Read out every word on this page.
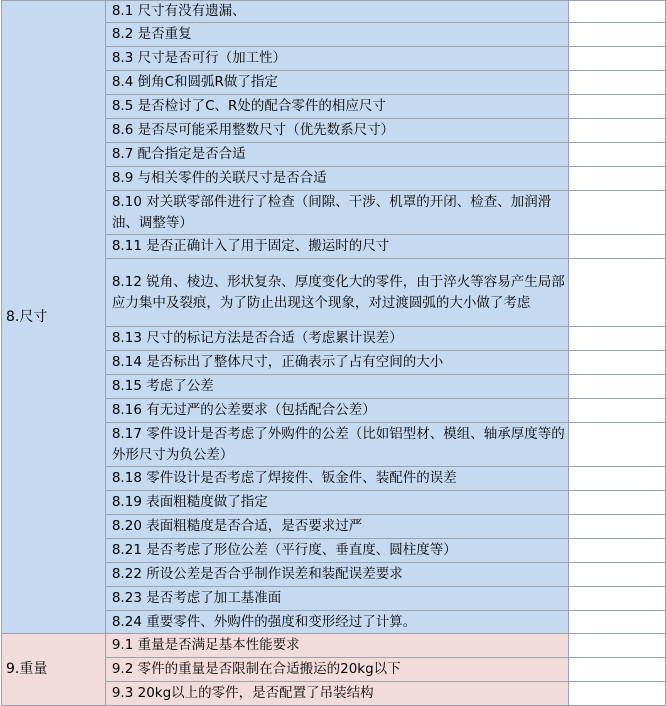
8.尺寸	8.1 尺寸有没有遗漏、	
	8.2 是否重复	
	8.3 尺寸是否可行（加工性）	
	8.4 倒角C和圆弧R做了指定	
	8.5 是否检讨了C、R处的配合零件的相应尺寸	
	8.6 是否尽可能采用整数尺寸（优先数系尺寸）	
	8.7 配合指定是否合适	
	8.9 与相关零件的关联尺寸是否合适	
	8.10 对关联零部件进行了检查（间隙、干涉、机罩的开闭、检查、加润滑油、调整等）	
	8.11 是否正确计入了用于固定、搬运时的尺寸	
	8.12 锐角、棱边、形状复杂、厚度变化大的零件，由于淬火等容易产生局部应力集中及裂痕，为了防止出现这个现象，对过渡圆弧的大小做了考虑	
	8.13 尺寸的标记方法是否合适（考虑累计误差）	
	8.14 是否标出了整体尺寸，正确表示了占有空间的大小	
	8.15 考虑了公差	
	8.16 有无过严的公差要求（包括配合公差）	
	8.17 零件设计是否考虑了外购件的公差（比如铝型材、模组、轴承厚度等的外形尺寸为负公差）	
	8.18 零件设计是否考虑了焊接件、钣金件、装配件的误差	
	8.19 表面粗糙度做了指定	
	8.20 表面粗糙度是否合适，是否要求过严	
	8.21 是否考虑了形位公差（平行度、垂直度、圆柱度等）	
	8.22 所设公差是否合乎制作误差和装配误差要求	
	8.23 是否考虑了加工基准面	
	8.24 重要零件、外购件的强度和变形经过了计算。	
9.重量	9.1 重量是否满足基本性能要求	
	9.2 零件的重量是否限制在合适搬运的20kg以下	
	9.3 20kg以上的零件，是否配置了吊装结构	
